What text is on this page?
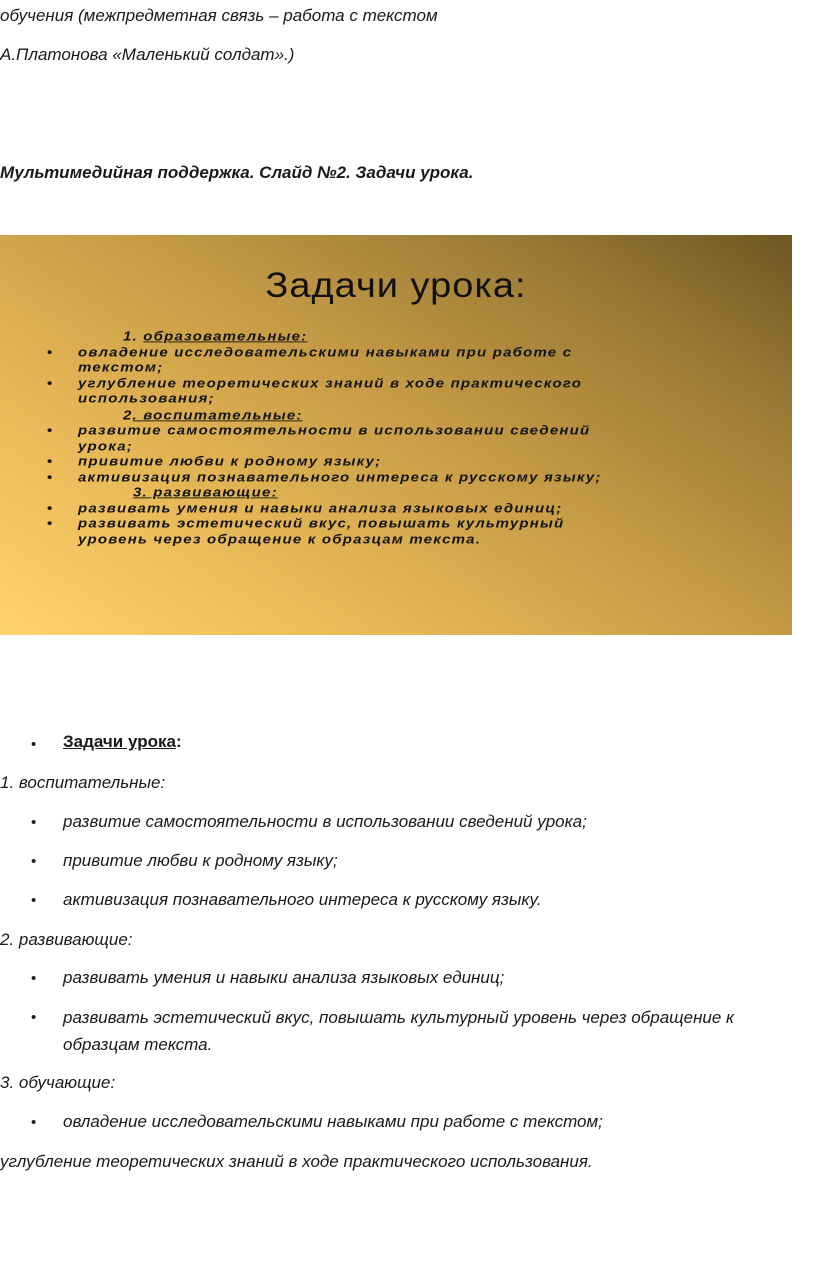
обучения (межпредметная связь – работа с текстом
А.Платонова «Маленький солдат».)
Мультимедийная поддержка. Слайд №2. Задачи урока.
Задачи урока:
1. образовательные:
• овладение исследовательскими навыками при работе с
текстом;
• углубление теоретических знаний в ходе практического
использования;
2. воспитательные:
• развитие самостоятельности в использовании сведений
урока;
• привитие любви к родному языку;
• активизация познавательного интереса к русскому языку;
3. развивающие:
• развивать умения и навыки анализа языковых единиц;
• развивать эстетический вкус, повышать культурный
уровень через обращение к образцам текста.
• Задачи урока:
1. воспитательные:
• развитие самостоятельности в использовании сведений урока;
• привитие любви к родному языку;
• активизация познавательного интереса к русскому языку.
2. развивающие:
• развивать умения и навыки анализа языковых единиц;
• развивать эстетический вкус, повышать культурный уровень через обращение к
образцам текста.
3. обучающие:
• овладение исследовательскими навыками при работе с текстом;
углубление теоретических знаний в ходе практического использования.
